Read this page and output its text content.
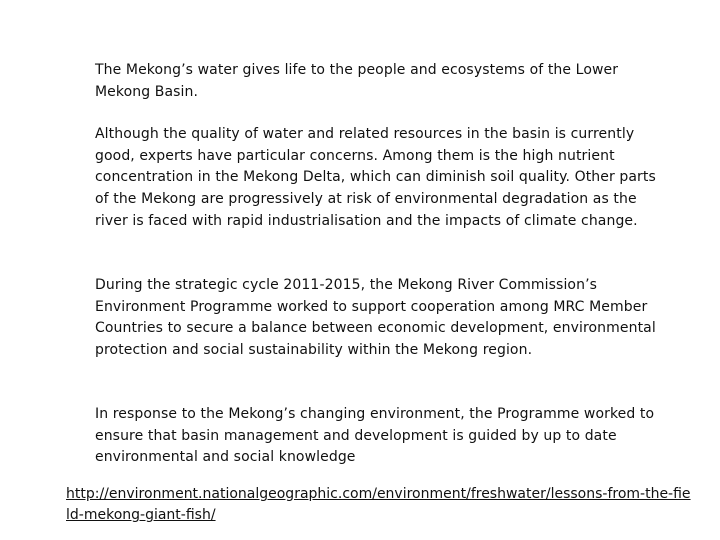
The Mekong’s water gives life to the people and ecosystems of the Lower Mekong Basin.

Although the quality of water and related resources in the basin is currently good, experts have particular concerns. Among them is the high nutrient concentration in the Mekong Delta, which can diminish soil quality. Other parts of the Mekong are progressively at risk of environmental degradation as the river is faced with rapid industrialisation and the impacts of climate change.

During the strategic cycle 2011-2015, the Mekong River Commission’s Environment Programme worked to support cooperation among MRC Member Countries to secure a balance between economic development, environmental protection and social sustainability within the Mekong region.

In response to the Mekong’s changing environment, the Programme worked to ensure that basin management and development is guided by up to date environmental and social knowledge

http://environment.nationalgeographic.com/environment/freshwater/lessons-from-the-field-mekong-giant-fish/
